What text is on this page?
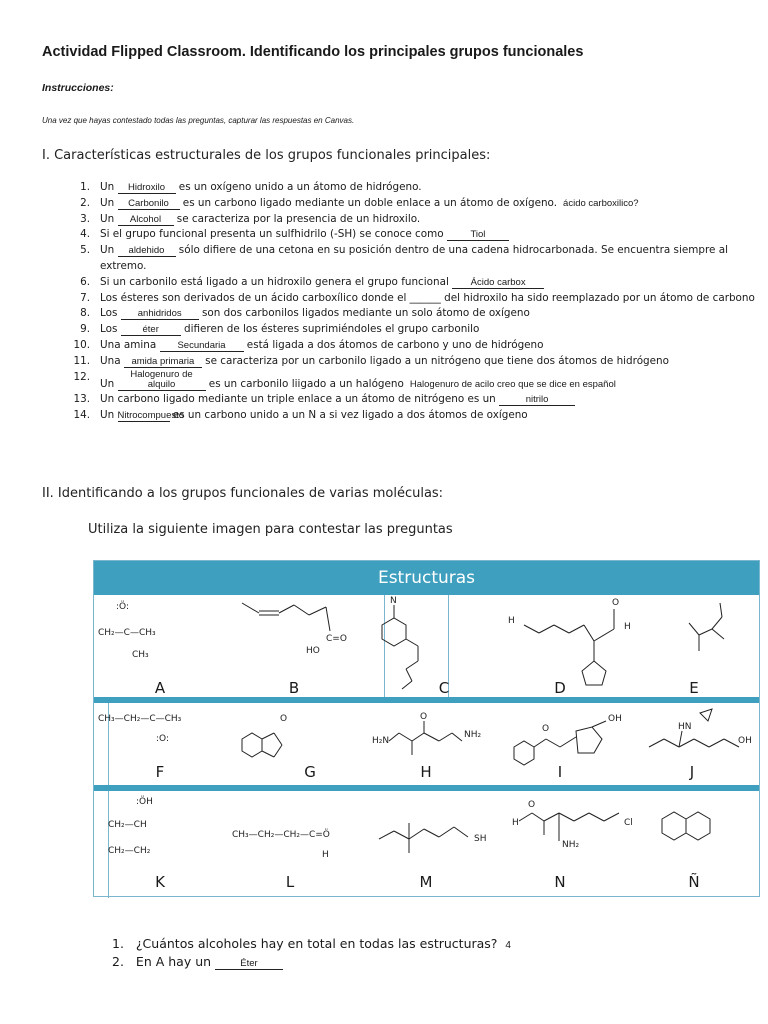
Actividad Flipped Classroom. Identificando los principales grupos funcionales
Instrucciones:
Una vez que hayas contestado todas las preguntas, capturar las respuestas en Canvas.
I. Características estructurales de los grupos funcionales principales:
1. Un Hidroxilo es un oxígeno unido a un átomo de hidrógeno.
2. Un Carbonilo es un carbono ligado mediante un doble enlace a un átomo de oxígeno. ácido carboxilico?
3. Un Alcohol se caracteriza por la presencia de un hidroxilo.
4. Si el grupo funcional presenta un sulfhidrilo (-SH) se conoce como Tiol
5. Un aldehido sólo difiere de una cetona en su posición dentro de una cadena hidrocarbonada. Se encuentra siempre al extremo.
6. Si un carbonilo está ligado a un hidroxilo genera el grupo funcional Ácido carbox
7. Los ésteres son derivados de un ácido carboxílico donde el ______ del hidroxilo ha sido reemplazado por un átomo de carbono
8. Los anhidridos son dos carbonilos ligados mediante un solo átomo de oxígeno
9. Los éter difieren de los ésteres suprimiéndoles el grupo carbonilo
10. Una amina Secundaria está ligada a dos átomos de carbono y uno de hidrógeno
11. Una amida primaria se caracteriza por un carbonilo ligado a un nitrógeno que tiene dos átomos de hidrógeno
12.
Un Halogenuro de alquilo	es un carbonilo liigado a un halógeno Halogenuro de acilo creo que se dice en español
13. Un carbono ligado mediante un triple enlace a un átomo de nitrógeno es un	nitrilo
14. Un Nitrocompuesto es un carbono unido a un N a si vez ligado a dos átomos de oxígeno
II. Identificando a los grupos funcionales de varias moléculas:
Utiliza la siguiente imagen para contestar las preguntas
Estructuras
:Ö:
CH₂—C—CH₃
CH₃	HO
C=O
N
H
H
O
CH₃—CH₂—C—CH₃
:O:
O
NH₂
H₂N
O	OH
O	HN
OH
:ÖH
CH₂—CH
CH₂—CH₂
CH₃—CH₂—CH₂—C=Ö
H
SH
H	Cl
NH₂
O
A	B	C	D	E
F	G	H	I	J
K	L	M	N	Ñ
1. ¿Cuántos alcoholes hay en total en todas las estructuras? 4
2. En A hay un	Éter
